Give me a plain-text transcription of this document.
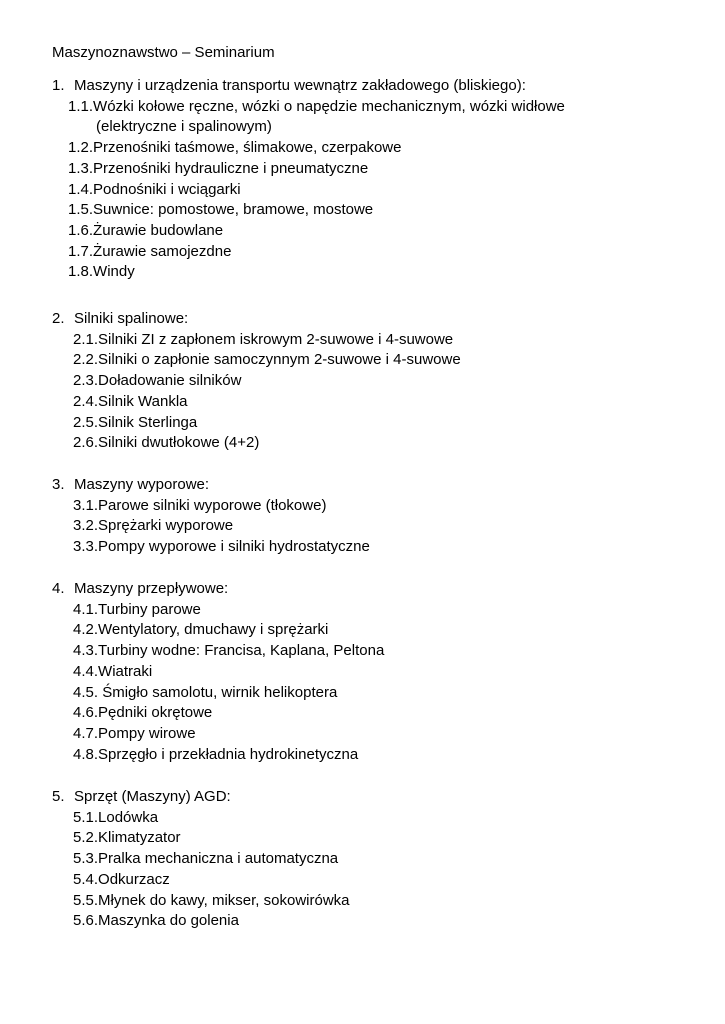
Maszynoznawstwo – Seminarium
1. Maszyny i urządzenia transportu wewnątrz zakładowego (bliskiego):
1.1.Wózki kołowe ręczne, wózki o napędzie mechanicznym, wózki widłowe
(elektryczne i spalinowym)
1.2.Przenośniki taśmowe, ślimakowe, czerpakowe
1.3.Przenośniki hydrauliczne i pneumatyczne
1.4.Podnośniki i wciągarki
1.5.Suwnice: pomostowe, bramowe, mostowe
1.6.Żurawie budowlane
1.7.Żurawie samojezdne
1.8.Windy
2. Silniki spalinowe:
2.1.Silniki ZI z zapłonem iskrowym 2-suwowe i 4-suwowe
2.2.Silniki o zapłonie samoczynnym 2-suwowe i 4-suwowe
2.3.Doładowanie silników
2.4.Silnik Wankla
2.5.Silnik Sterlinga
2.6.Silniki dwutłokowe (4+2)
3. Maszyny wyporowe:
3.1.Parowe silniki wyporowe (tłokowe)
3.2.Sprężarki wyporowe
3.3.Pompy wyporowe i silniki hydrostatyczne
4. Maszyny przepływowe:
4.1.Turbiny parowe
4.2.Wentylatory, dmuchawy i sprężarki
4.3.Turbiny wodne: Francisa, Kaplana, Peltona
4.4.Wiatraki
4.5. Śmigło samolotu, wirnik helikoptera
4.6.Pędniki okrętowe
4.7.Pompy wirowe
4.8.Sprzęgło i przekładnia hydrokinetyczna
5. Sprzęt (Maszyny) AGD:
5.1.Lodówka
5.2.Klimatyzator
5.3.Pralka mechaniczna i automatyczna
5.4.Odkurzacz
5.5.Młynek do kawy, mikser, sokowirówka
5.6.Maszynka do golenia
